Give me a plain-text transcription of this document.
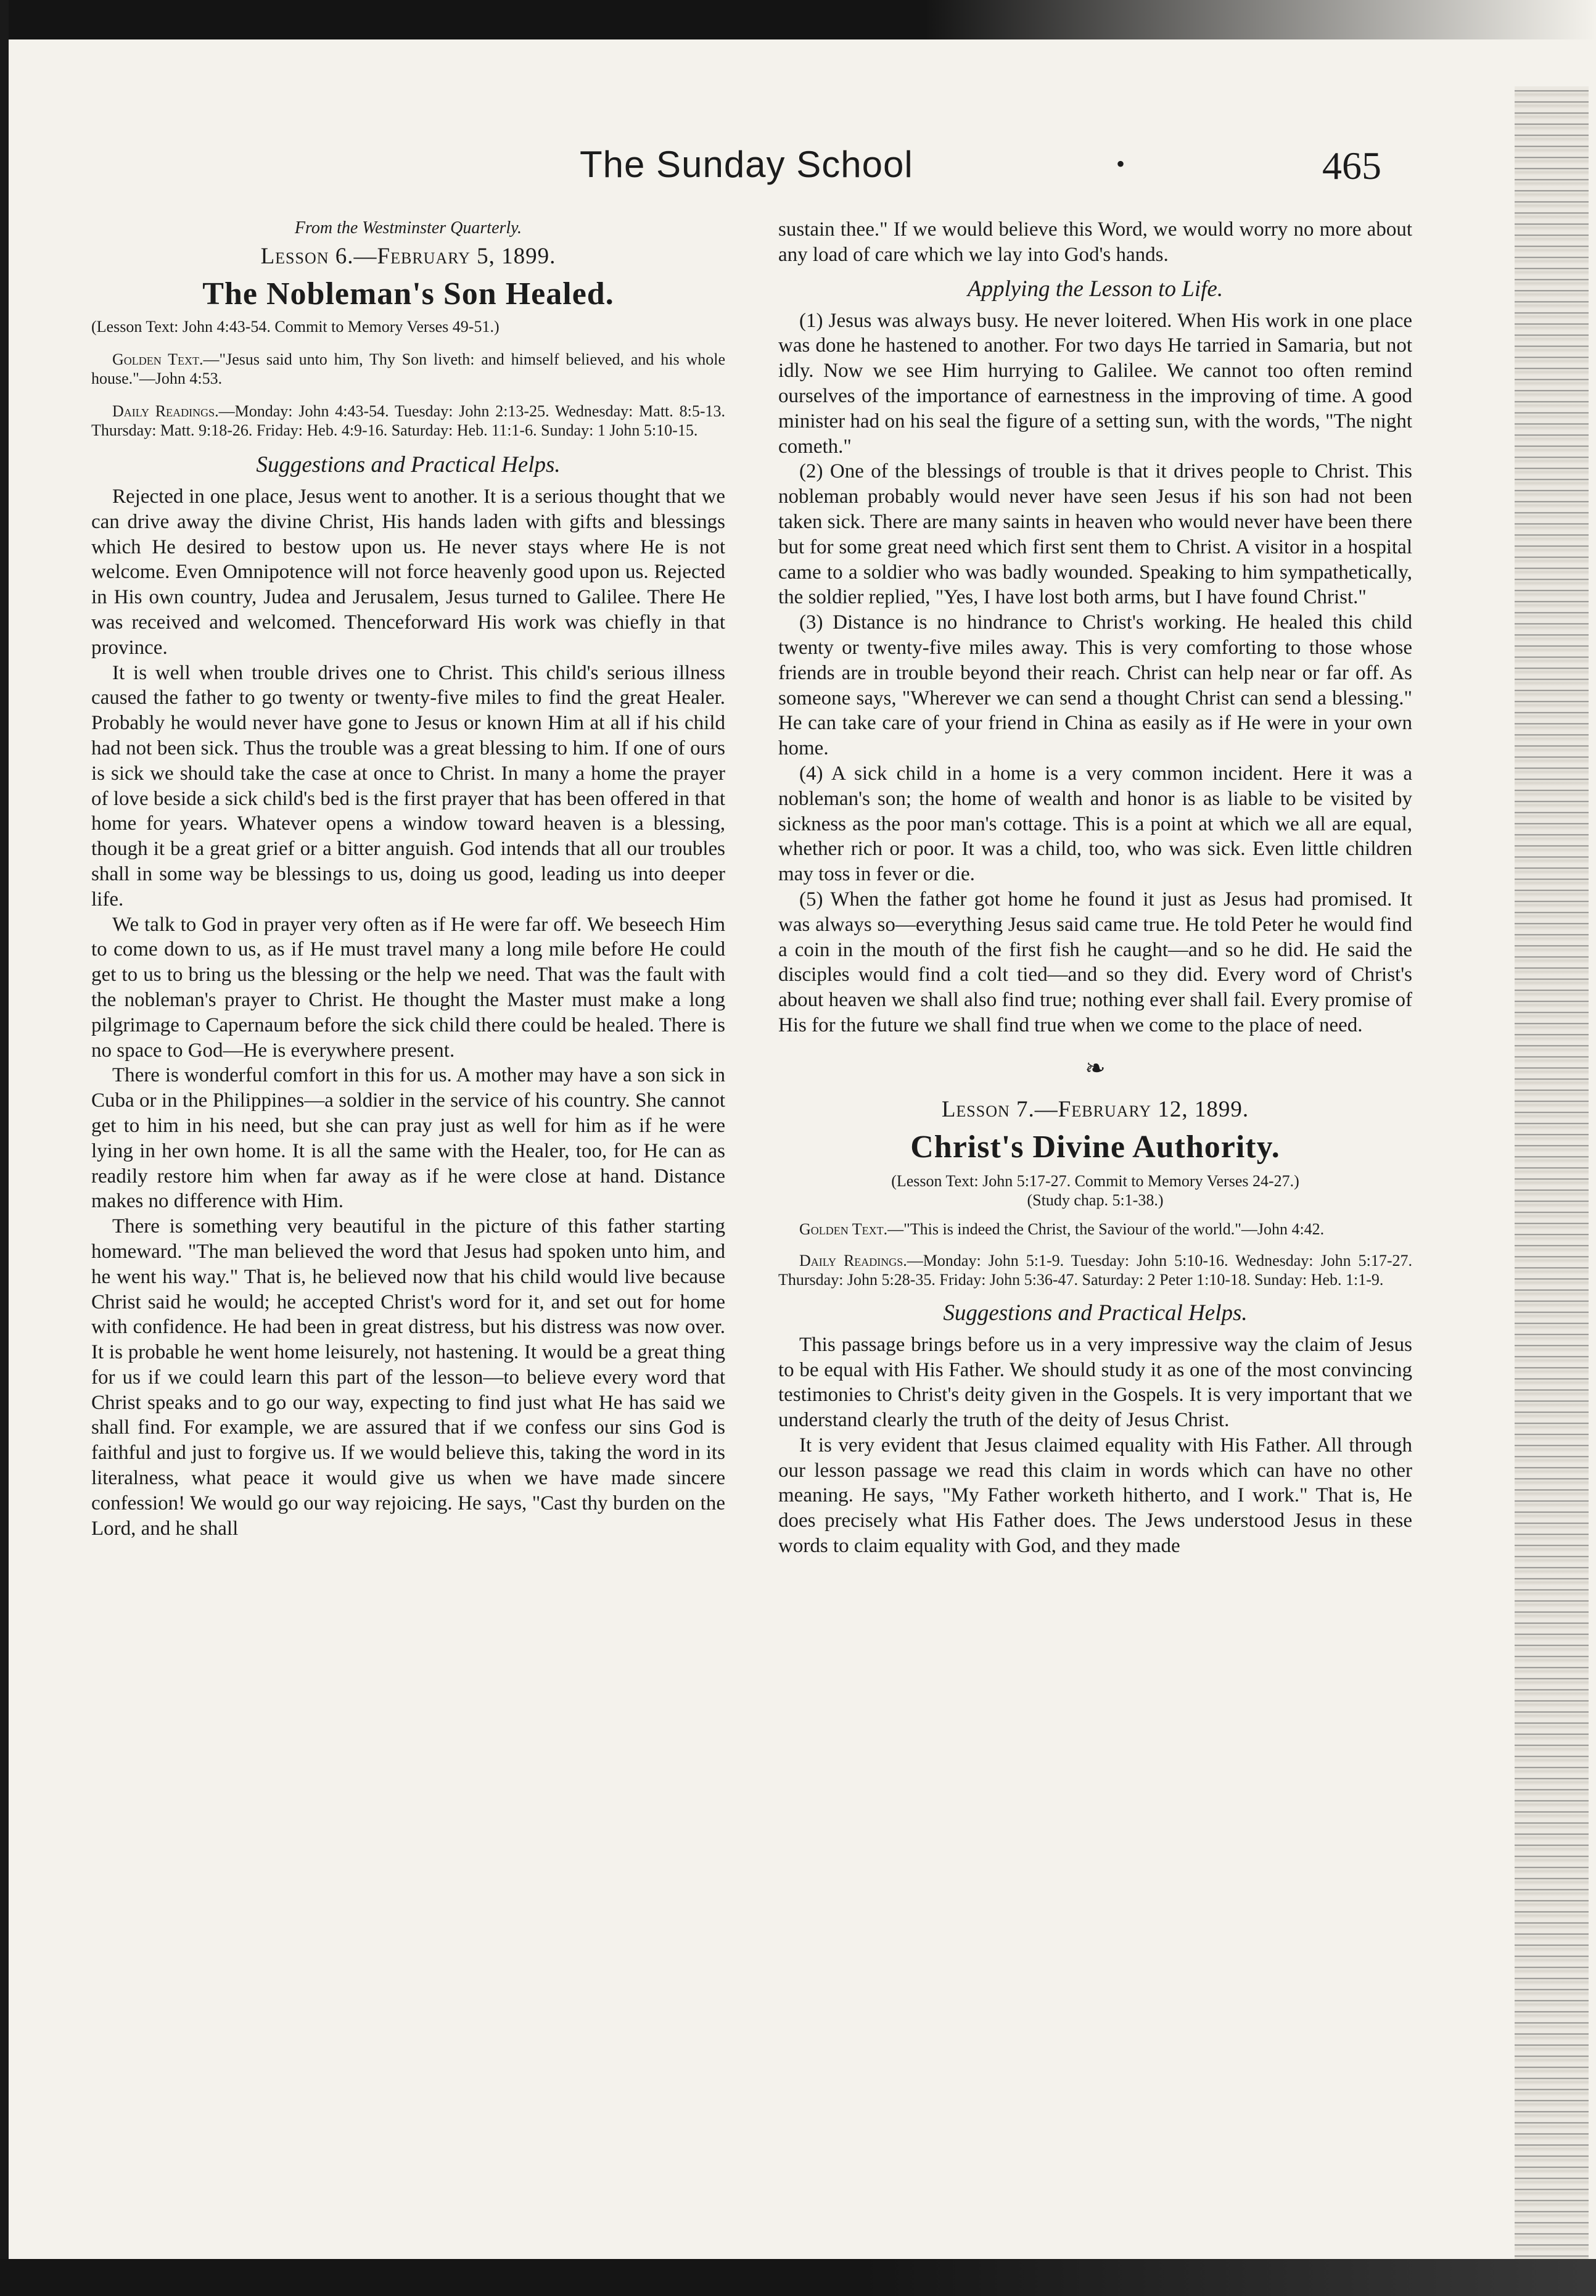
The Sunday School	•	465

From the Westminster Quarterly.

Lesson 6.—February 5, 1899.

The Nobleman's Son Healed.

(Lesson Text: John 4:43-54. Commit to Memory Verses 49-51.)

Golden Text.—"Jesus said unto him, Thy Son liveth: and himself believed, and his whole house."—John 4:53.

Daily Readings.—Monday: John 4:43-54. Tuesday: John 2:13-25. Wednesday: Matt. 8:5-13. Thursday: Matt. 9:18-26. Friday: Heb. 4:9-16. Saturday: Heb. 11:1-6. Sunday: 1 John 5:10-15.

Suggestions and Practical Helps.

Rejected in one place, Jesus went to another. It is a serious thought that we can drive away the divine Christ, His hands laden with gifts and blessings which He desired to bestow upon us. He never stays where He is not welcome. Even Omnipotence will not force heavenly good upon us. Rejected in His own country, Judea and Jerusalem, Jesus turned to Galilee. There He was received and welcomed. Thenceforward His work was chiefly in that province.

It is well when trouble drives one to Christ. This child's serious illness caused the father to go twenty or twenty-five miles to find the great Healer. Probably he would never have gone to Jesus or known Him at all if his child had not been sick. Thus the trouble was a great blessing to him. If one of ours is sick we should take the case at once to Christ. In many a home the prayer of love beside a sick child's bed is the first prayer that has been offered in that home for years. Whatever opens a window toward heaven is a blessing, though it be a great grief or a bitter anguish. God intends that all our troubles shall in some way be blessings to us, doing us good, leading us into deeper life.

We talk to God in prayer very often as if He were far off. We beseech Him to come down to us, as if He must travel many a long mile before He could get to us to bring us the blessing or the help we need. That was the fault with the nobleman's prayer to Christ. He thought the Master must make a long pilgrimage to Capernaum before the sick child there could be healed. There is no space to God—He is everywhere present.

There is wonderful comfort in this for us. A mother may have a son sick in Cuba or in the Philippines—a soldier in the service of his country. She cannot get to him in his need, but she can pray just as well for him as if he were lying in her own home. It is all the same with the Healer, too, for He can as readily restore him when far away as if he were close at hand. Distance makes no difference with Him.

There is something very beautiful in the picture of this father starting homeward. "The man believed the word that Jesus had spoken unto him, and he went his way." That is, he believed now that his child would live because Christ said he would; he accepted Christ's word for it, and set out for home with confidence. He had been in great distress, but his distress was now over. It is probable he went home leisurely, not hastening. It would be a great thing for us if we could learn this part of the lesson—to believe every word that Christ speaks and to go our way, expecting to find just what He has said we shall find. For example, we are assured that if we confess our sins God is faithful and just to forgive us. If we would believe this, taking the word in its literalness, what peace it would give us when we have made sincere confession! We would go our way rejoicing. He says, "Cast thy burden on the Lord, and he shall

sustain thee." If we would believe this Word, we would worry no more about any load of care which we lay into God's hands.

Applying the Lesson to Life.

(1) Jesus was always busy. He never loitered. When His work in one place was done he hastened to another. For two days He tarried in Samaria, but not idly. Now we see Him hurrying to Galilee. We cannot too often remind ourselves of the importance of earnestness in the improving of time. A good minister had on his seal the figure of a setting sun, with the words, "The night cometh."

(2) One of the blessings of trouble is that it drives people to Christ. This nobleman probably would never have seen Jesus if his son had not been taken sick. There are many saints in heaven who would never have been there but for some great need which first sent them to Christ. A visitor in a hospital came to a soldier who was badly wounded. Speaking to him sympathetically, the soldier replied, "Yes, I have lost both arms, but I have found Christ."

(3) Distance is no hindrance to Christ's working. He healed this child twenty or twenty-five miles away. This is very comforting to those whose friends are in trouble beyond their reach. Christ can help near or far off. As someone says, "Wherever we can send a thought Christ can send a blessing." He can take care of your friend in China as easily as if He were in your own home.

(4) A sick child in a home is a very common incident. Here it was a nobleman's son; the home of wealth and honor is as liable to be visited by sickness as the poor man's cottage. This is a point at which we all are equal, whether rich or poor. It was a child, too, who was sick. Even little children may toss in fever or die.

(5) When the father got home he found it just as Jesus had promised. It was always so—everything Jesus said came true. He told Peter he would find a coin in the mouth of the first fish he caught—and so he did. He said the disciples would find a colt tied—and so they did. Every word of Christ's about heaven we shall also find true; nothing ever shall fail. Every promise of His for the future we shall find true when we come to the place of need.

❧

Lesson 7.—February 12, 1899.

Christ's Divine Authority.

(Lesson Text: John 5:17-27. Commit to Memory Verses 24-27.)

(Study chap. 5:1-38.)

Golden Text.—"This is indeed the Christ, the Saviour of the world."—John 4:42.

Daily Readings.—Monday: John 5:1-9. Tuesday: John 5:10-16. Wednesday: John 5:17-27. Thursday: John 5:28-35. Friday: John 5:36-47. Saturday: 2 Peter 1:10-18. Sunday: Heb. 1:1-9.

Suggestions and Practical Helps.

This passage brings before us in a very impressive way the claim of Jesus to be equal with His Father. We should study it as one of the most convincing testimonies to Christ's deity given in the Gospels. It is very important that we understand clearly the truth of the deity of Jesus Christ.

It is very evident that Jesus claimed equality with His Father. All through our lesson passage we read this claim in words which can have no other meaning. He says, "My Father worketh hitherto, and I work." That is, He does precisely what His Father does. The Jews understood Jesus in these words to claim equality with God, and they made
